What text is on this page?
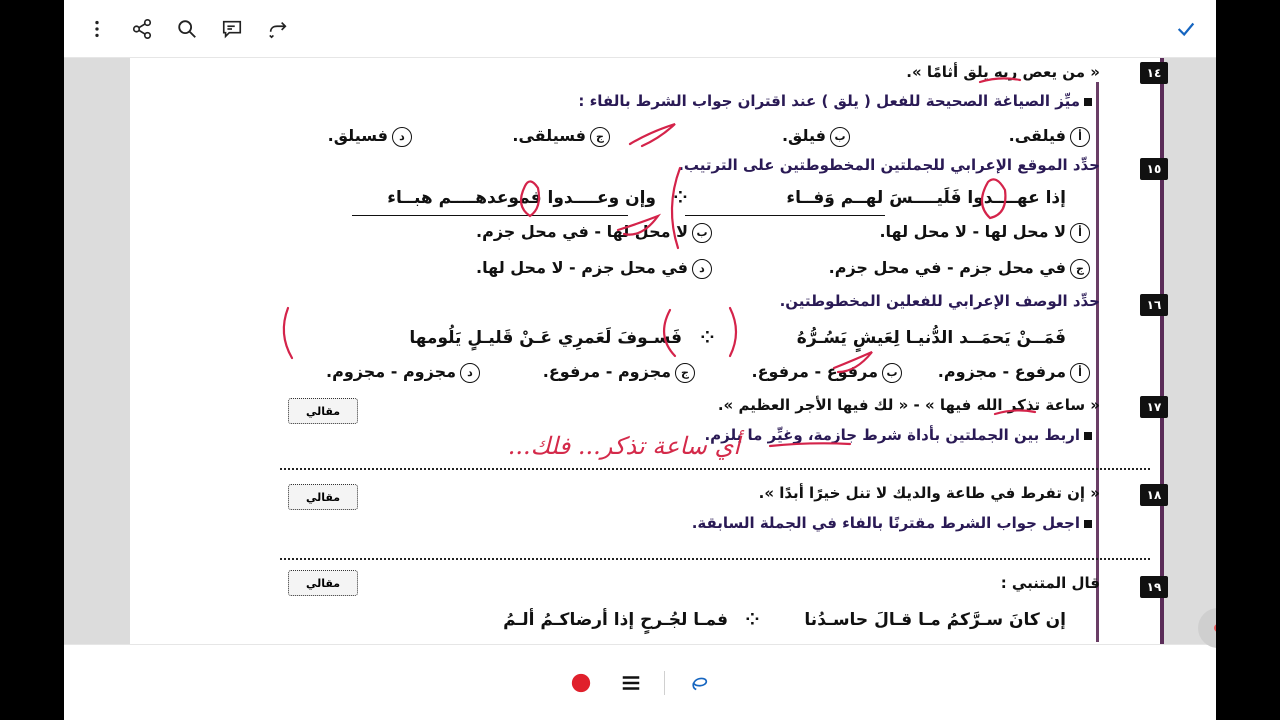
١٤
« من يعص ربه يلق أثامًا ».
ميِّز الصياغة الصحيحة للفعل ( يلق ) عند اقتران جواب الشرط بالفاء :
أفيلقى.
بفيلق.
جفسيلقى.
دفسيلق.
١٥
حدِّد الموقع الإعرابي للجملتين المخطوطتين على الترتيب.
إذا عهــــدوا فَلَيــــسَ لهــم وَفــاء
⁘
وإن وعــــدوا فموعدهــــم هبــاء
ألا محل لها - لا محل لها.
بلا محل لها - في محل جزم.
جفي محل جزم - في محل جزم.
دفي محل جزم - لا محل لها.
١٦
حدِّد الوصف الإعرابي للفعلين المخطوطتين.
فَمَــنْ يَحمَــد الدُّنيـا لِعَيشٍ يَسُـرُّهُ
⁘
فَسـوفَ لَعَمرِي عَـنْ قَليـلٍ يَلُومها
أمرفوع - مجزوم.
بمرفوع - مرفوع.
جمجزوم - مرفوع.
دمجزوم - مجزوم.
١٧
« ساعة تذكر الله فيها » - « لك فيها الأجر العظيم ».
اربط بين الجملتين بأداة شرط جازمة، وغيِّر ما يلزم.
مقالي
أي ساعة تذكر... فلك...
١٨
« إن تفرط في طاعة والديك لا تنل خيرًا أبدًا ».
اجعل جواب الشرط مقترنًا بالفاء في الجملة السابقة.
مقالي
١٩
قال المتنبي :
مقالي
إن كانَ سـرَّكمُ مـا قـالَ حاسـدُنا
⁘
فمـا لجُـرحٍ إذا أرضاكـمُ ألـمُ
